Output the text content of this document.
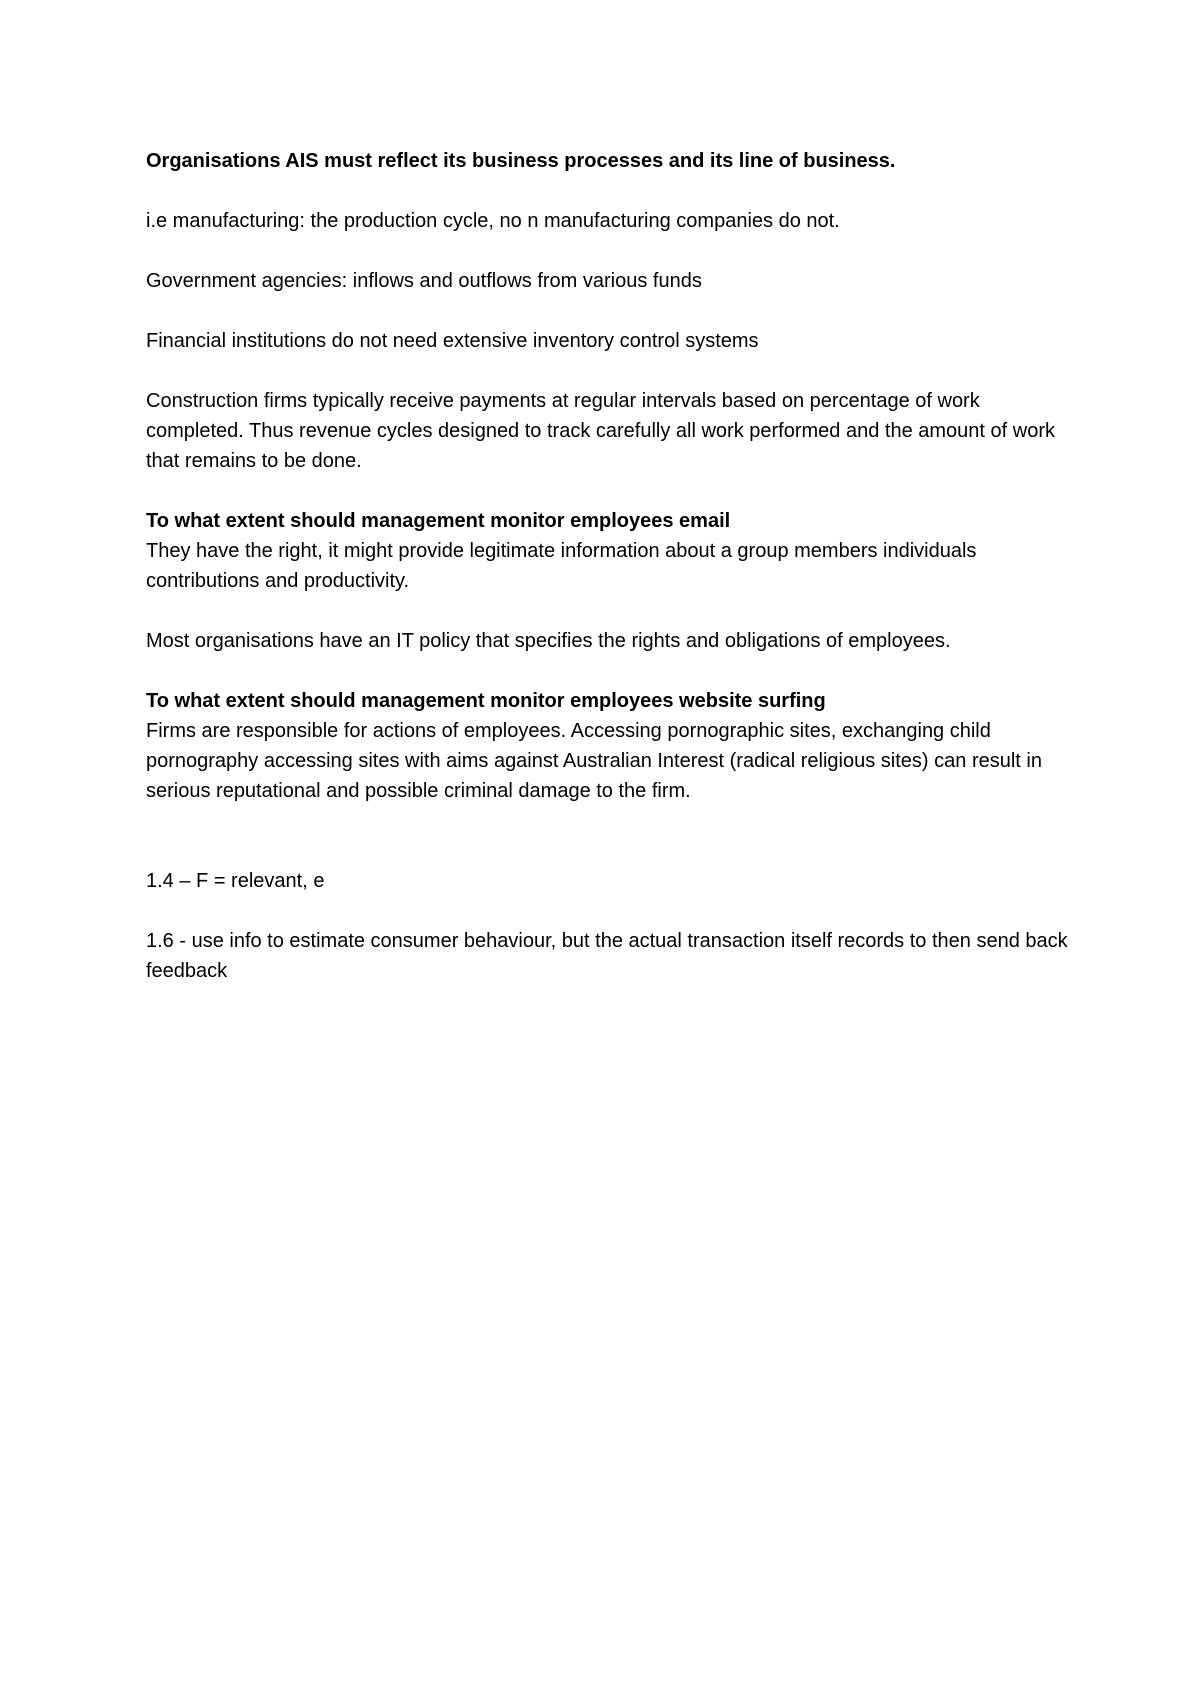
Organisations AIS must reflect its business processes and its line of business.

i.e manufacturing: the production cycle, no n manufacturing companies do not.

Government agencies: inflows and outflows from various funds

Financial institutions do not need extensive inventory control systems

Construction firms typically receive payments at regular intervals based on percentage of work completed. Thus revenue cycles designed to track carefully all work performed and the amount of work that remains to be done.

To what extent should management monitor employees email

They have the right, it might provide legitimate information about a group members individuals contributions and productivity.

Most organisations have an IT policy that specifies the rights and obligations of employees.

To what extent should management monitor employees website surfing

Firms are responsible for actions of employees. Accessing pornographic sites, exchanging child pornography accessing sites with aims against Australian Interest (radical religious sites) can result in serious reputational and possible criminal damage to the firm.

1.4 – F = relevant, e

1.6 - use info to estimate consumer behaviour, but the actual transaction itself records to then send back feedback
